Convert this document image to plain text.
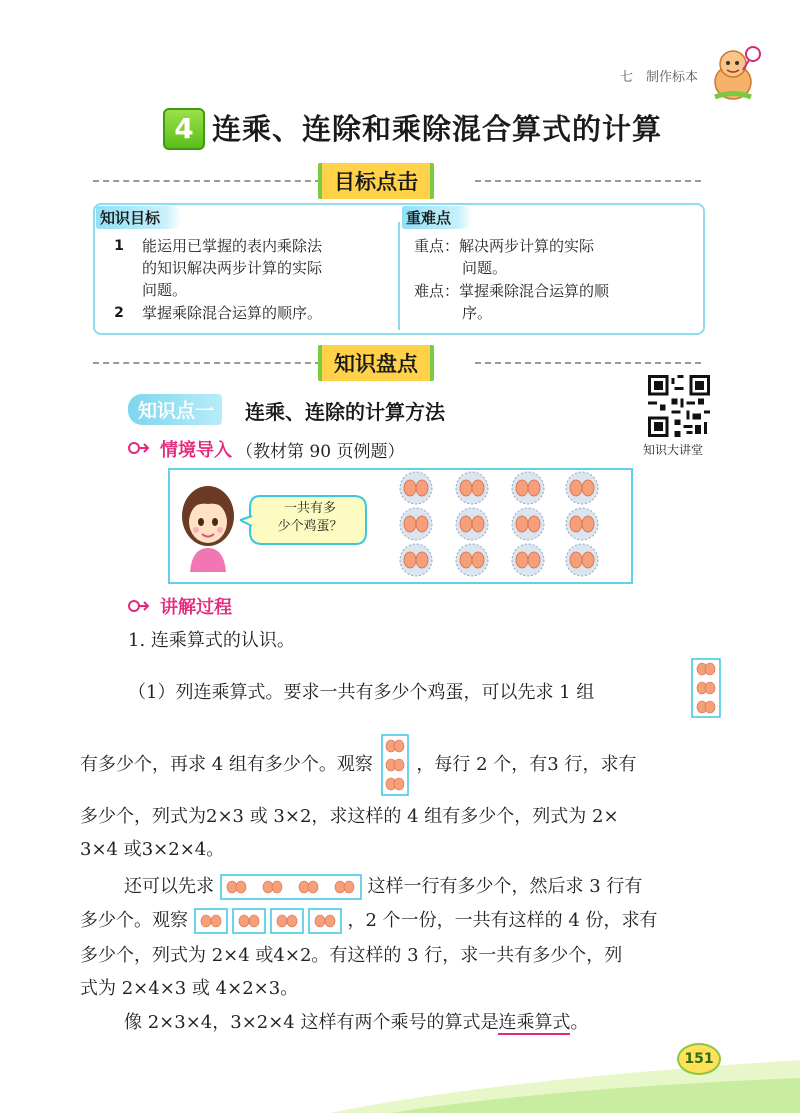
七　制作标本
4 连乘、连除和乘除混合算式的计算
目标点击
知识目标	重难点
1 能运用已掌握的表内乘除法
的知识解决两步计算的实际
问题。
2 掌握乘除混合运算的顺序。
重点：解决两步计算的实际
问题。
难点：掌握乘除混合运算的顺
序。
知识盘点
知识点一	连乘、连除的计算方法
知识大讲堂
情境导入 （教材第 90 页例题）
一共有多
少个鸡蛋？
讲解过程
1. 连乘算式的认识。
（1）列连乘算式。要求一共有多少个鸡蛋，可以先求 1 组
有多少个，再求 4 组有多少个。观察 ，每行 2 个，有3 行，求有
多少个，列式为2×3 或 3×2，求这样的 4 组有多少个，列式为 2×
3×4 或3×2×4。
还可以先求	这样一行有多少个，然后求 3 行有
多少个。观察	，2 个一份，一共有这样的 4 份，求有
多少个，列式为 2×4 或4×2。有这样的 3 行，求一共有多少个，列
式为 2×4×3 或 4×2×3。
像 2×3×4，3×2×4 这样有两个乘号的算式是连乘算式。
151
